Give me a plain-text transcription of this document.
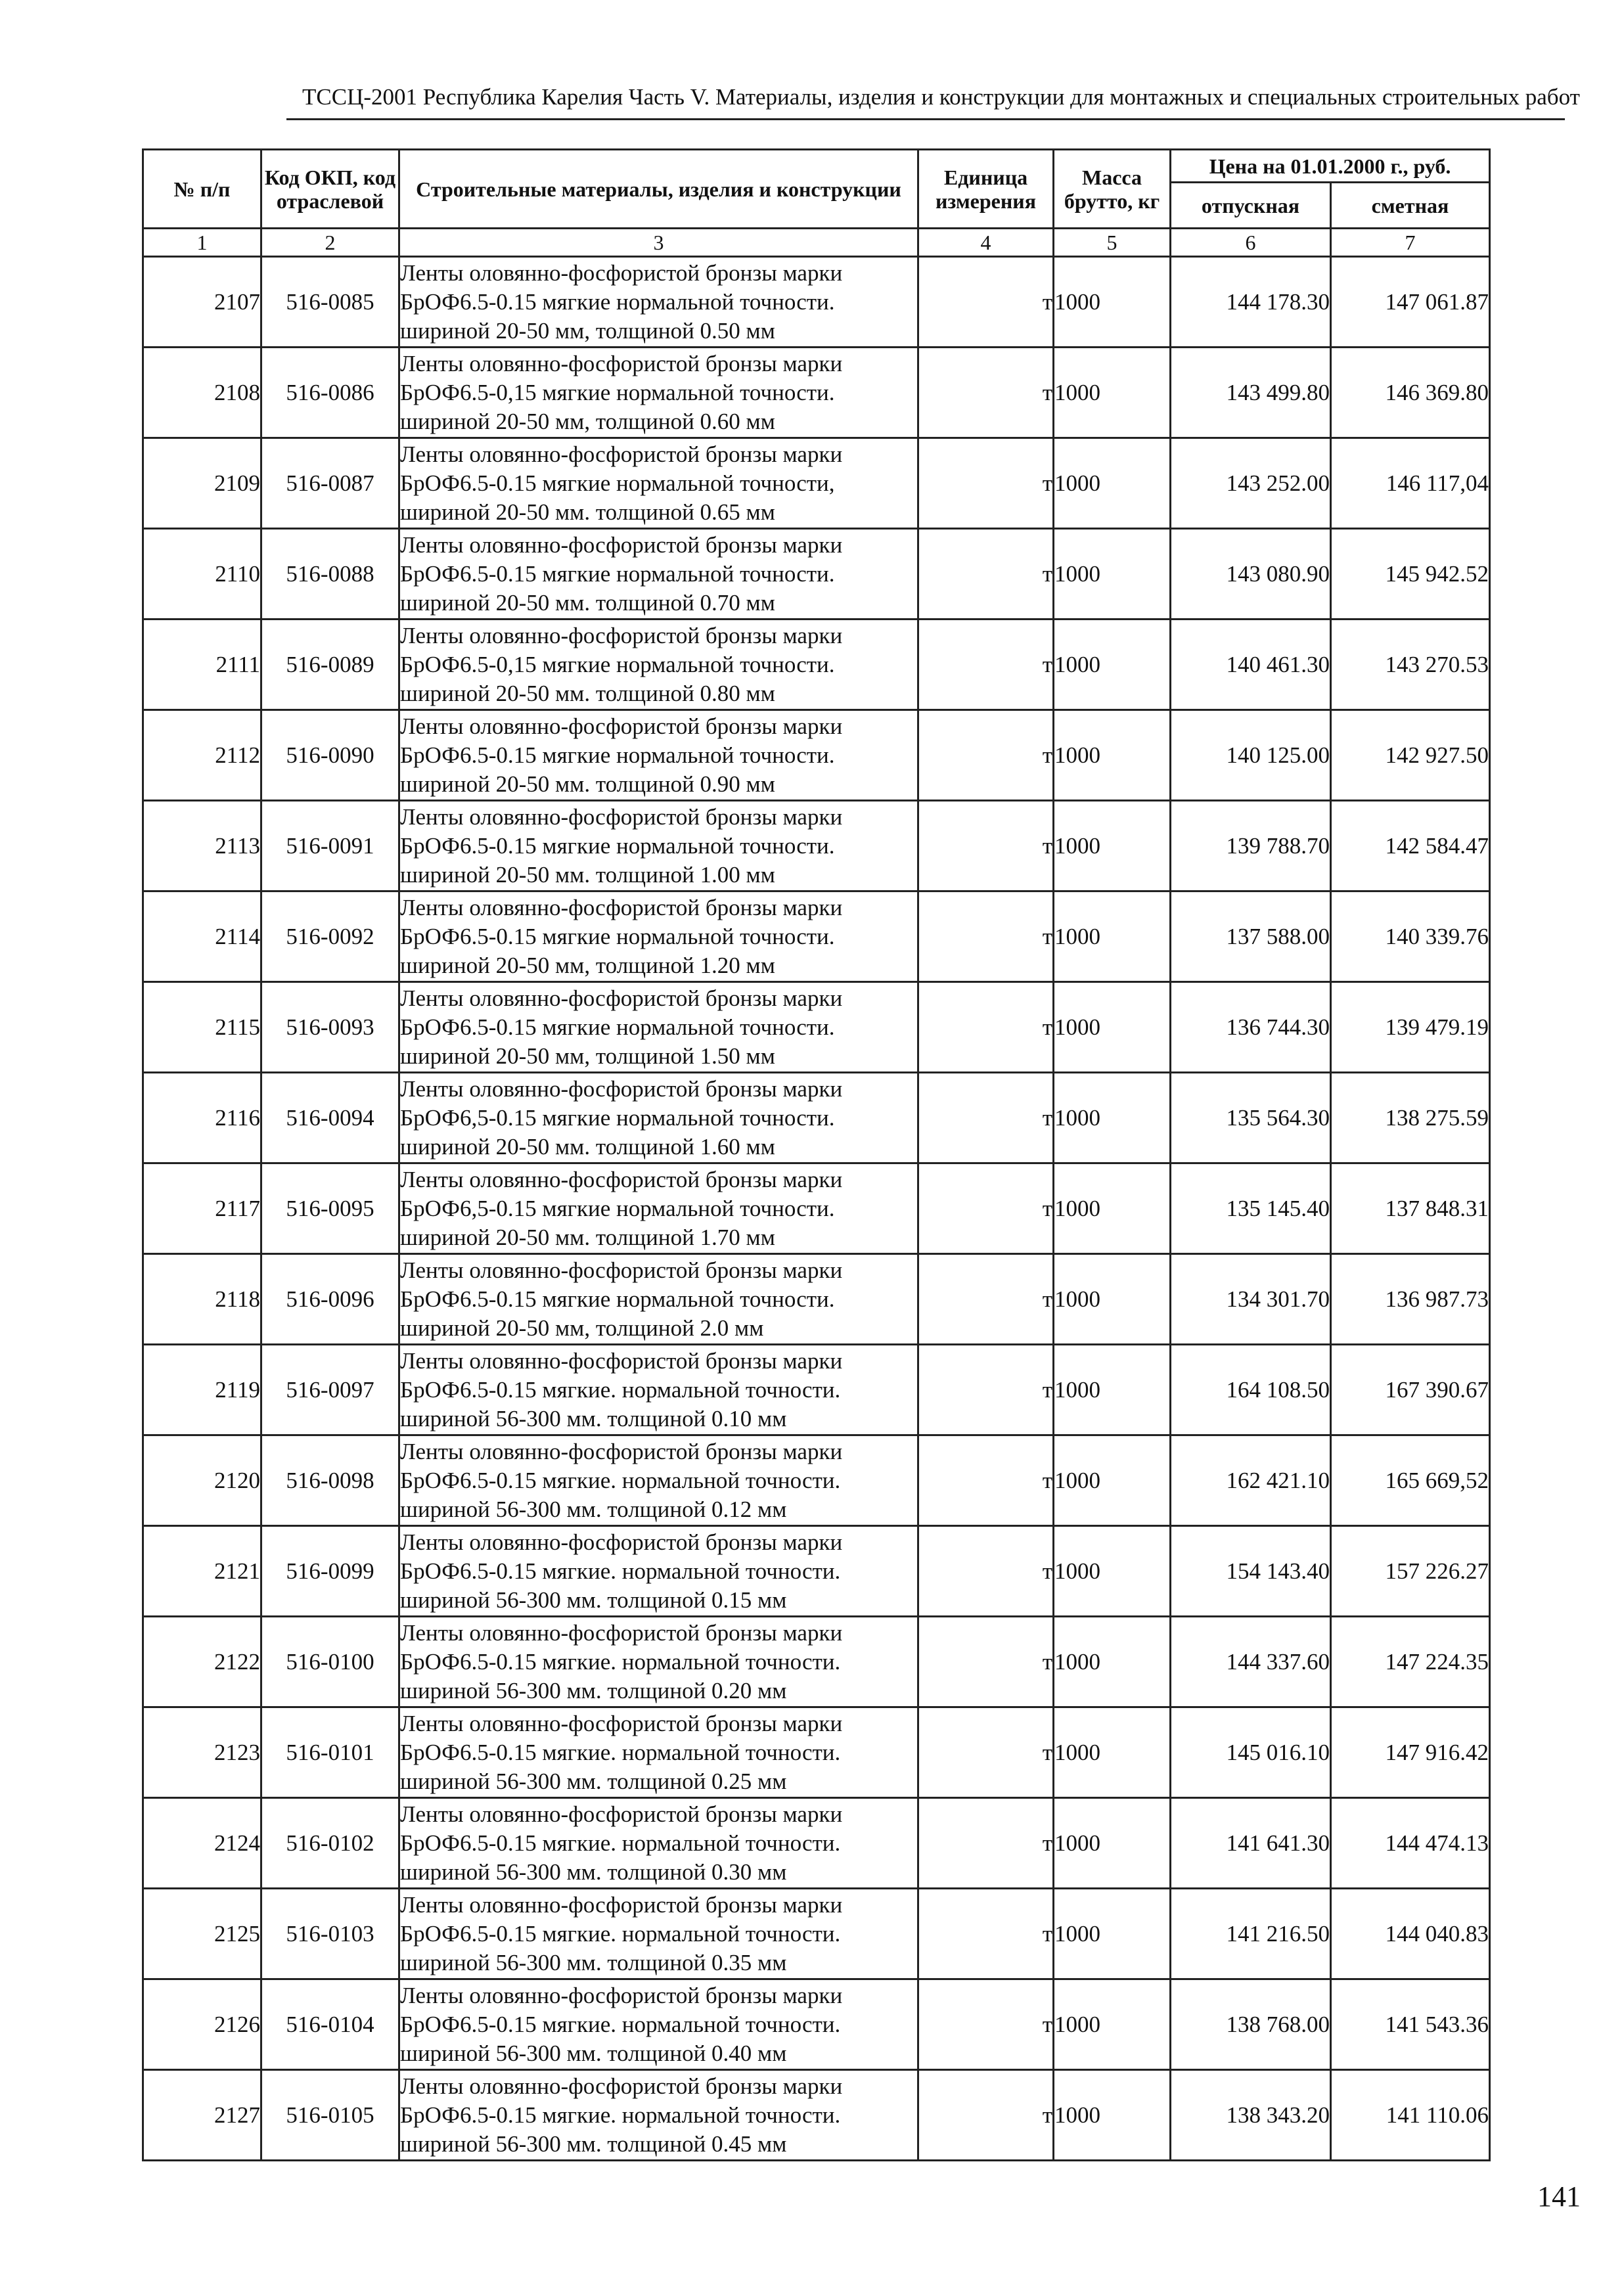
ТССЦ-2001 Республика Карелия Часть V. Материалы, изделия и конструкции для монтажных и специальных строительных работ
№ п/п	Код ОКП, код отраслевой	Строительные материалы, изделия и конструкции	Единица измерения	Масса брутто, кг	Цена на 01.01.2000 г., руб.	
					отпускная	сметная
1	2	3	4	5	6	7
2107	516-0085	Ленты оловянно-фосфористой бронзы марки
БрОФ6.5-0.15 мягкие нормальной точности.
шириной 20-50 мм, толщиной 0.50 мм	т	1000	144 178.30	147 061.87
2108	516-0086	Ленты оловянно-фосфористой бронзы марки
БрОФ6.5-0,15 мягкие нормальной точности.
шириной 20-50 мм, толщиной 0.60 мм	т	1000	143 499.80	146 369.80
2109	516-0087	Ленты оловянно-фосфористой бронзы марки
БрОФ6.5-0.15 мягкие нормальной точности,
шириной 20-50 мм. толщиной 0.65 мм	т	1000	143 252.00	146 117,04
2110	516-0088	Ленты оловянно-фосфористой бронзы марки
БрОФ6.5-0.15 мягкие нормальной точности.
шириной 20-50 мм. толщиной 0.70 мм	т	1000	143 080.90	145 942.52
2111	516-0089	Ленты оловянно-фосфористой бронзы марки
БрОФ6.5-0,15 мягкие нормальной точности.
шириной 20-50 мм. толщиной 0.80 мм	т	1000	140 461.30	143 270.53
2112	516-0090	Ленты оловянно-фосфористой бронзы марки
БрОФ6.5-0.15 мягкие нормальной точности.
шириной 20-50 мм. толщиной 0.90 мм	т	1000	140 125.00	142 927.50
2113	516-0091	Ленты оловянно-фосфористой бронзы марки
БрОФ6.5-0.15 мягкие нормальной точности.
шириной 20-50 мм. толщиной 1.00 мм	т	1000	139 788.70	142 584.47
2114	516-0092	Ленты оловянно-фосфористой бронзы марки
БрОФ6.5-0.15 мягкие нормальной точности.
шириной 20-50 мм, толщиной 1.20 мм	т	1000	137 588.00	140 339.76
2115	516-0093	Ленты оловянно-фосфористой бронзы марки
БрОФ6.5-0.15 мягкие нормальной точности.
шириной 20-50 мм, толщиной 1.50 мм	т	1000	136 744.30	139 479.19
2116	516-0094	Ленты оловянно-фосфористой бронзы марки
БрОФ6,5-0.15 мягкие нормальной точности.
шириной 20-50 мм. толщиной 1.60 мм	т	1000	135 564.30	138 275.59
2117	516-0095	Ленты оловянно-фосфористой бронзы марки
БрОФ6,5-0.15 мягкие нормальной точности.
шириной 20-50 мм. толщиной 1.70 мм	т	1000	135 145.40	137 848.31
2118	516-0096	Ленты оловянно-фосфористой бронзы марки
БрОФ6.5-0.15 мягкие нормальной точности.
шириной 20-50 мм, толщиной 2.0 мм	т	1000	134 301.70	136 987.73
2119	516-0097	Ленты оловянно-фосфористой бронзы марки
БрОФ6.5-0.15 мягкие. нормальной точности.
шириной 56-300 мм. толщиной 0.10 мм	т	1000	164 108.50	167 390.67
2120	516-0098	Ленты оловянно-фосфористой бронзы марки
БрОФ6.5-0.15 мягкие. нормальной точности.
шириной 56-300 мм. толщиной 0.12 мм	т	1000	162 421.10	165 669,52
2121	516-0099	Ленты оловянно-фосфористой бронзы марки
БрОФ6.5-0.15 мягкие. нормальной точности.
шириной 56-300 мм. толщиной 0.15 мм	т	1000	154 143.40	157 226.27
2122	516-0100	Ленты оловянно-фосфористой бронзы марки
БрОФ6.5-0.15 мягкие. нормальной точности.
шириной 56-300 мм. толщиной 0.20 мм	т	1000	144 337.60	147 224.35
2123	516-0101	Ленты оловянно-фосфористой бронзы марки
БрОФ6.5-0.15 мягкие. нормальной точности.
шириной 56-300 мм. толщиной 0.25 мм	т	1000	145 016.10	147 916.42
2124	516-0102	Ленты оловянно-фосфористой бронзы марки
БрОФ6.5-0.15 мягкие. нормальной точности.
шириной 56-300 мм. толщиной 0.30 мм	т	1000	141 641.30	144 474.13
2125	516-0103	Ленты оловянно-фосфористой бронзы марки
БрОФ6.5-0.15 мягкие. нормальной точности.
шириной 56-300 мм. толщиной 0.35 мм	т	1000	141 216.50	144 040.83
2126	516-0104	Ленты оловянно-фосфористой бронзы марки
БрОФ6.5-0.15 мягкие. нормальной точности.
шириной 56-300 мм. толщиной 0.40 мм	т	1000	138 768.00	141 543.36
2127	516-0105	Ленты оловянно-фосфористой бронзы марки
БрОФ6.5-0.15 мягкие. нормальной точности.
шириной 56-300 мм. толщиной 0.45 мм	т	1000	138 343.20	141 110.06
141
